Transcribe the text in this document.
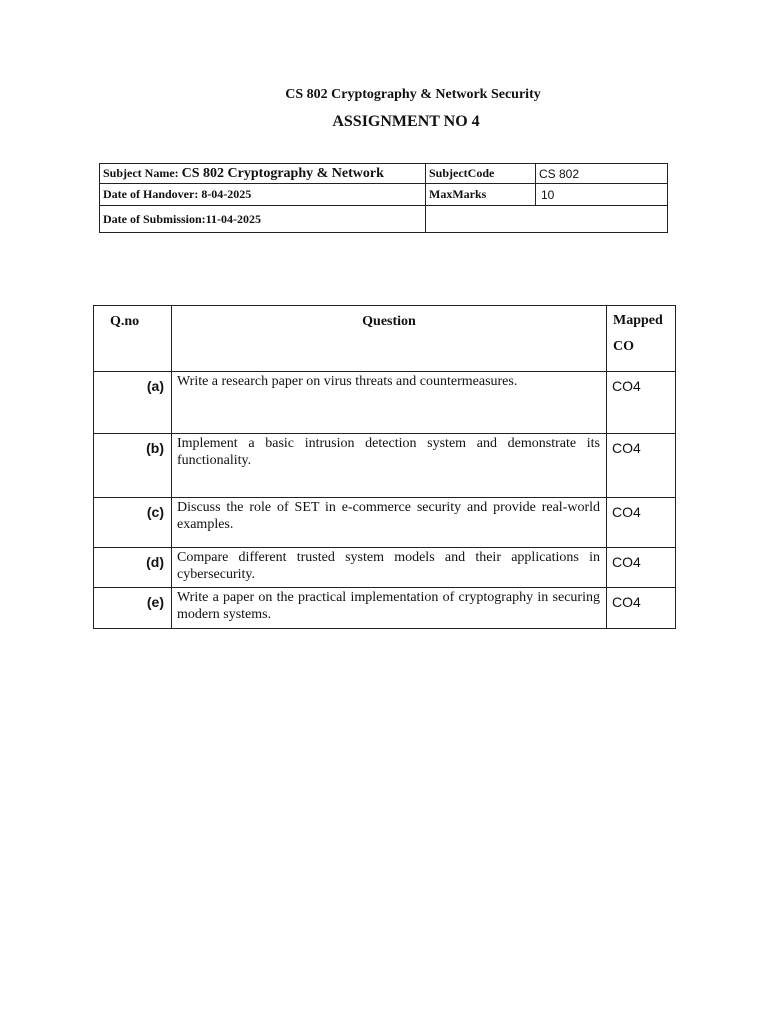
CS 802 Cryptography & Network Security
ASSIGNMENT NO 4
Subject Name: CS 802 Cryptography & Network	SubjectCode	CS 802
Date of Handover: 8-04-2025	MaxMarks	10
Date of Submission:11-04-2025		
Q.no	Question	Mapped
CO
(a)	Write a research paper on virus threats and countermeasures.	CO4
(b)	Implement a basic intrusion detection system and demonstrate its functionality.	CO4
(c)	Discuss the role of SET in e-commerce security and provide real-world examples.	CO4
(d)	Compare different trusted system models and their applications in cybersecurity.	CO4
(e)	Write a paper on the practical implementation of cryptography in securing modern systems.	CO4
